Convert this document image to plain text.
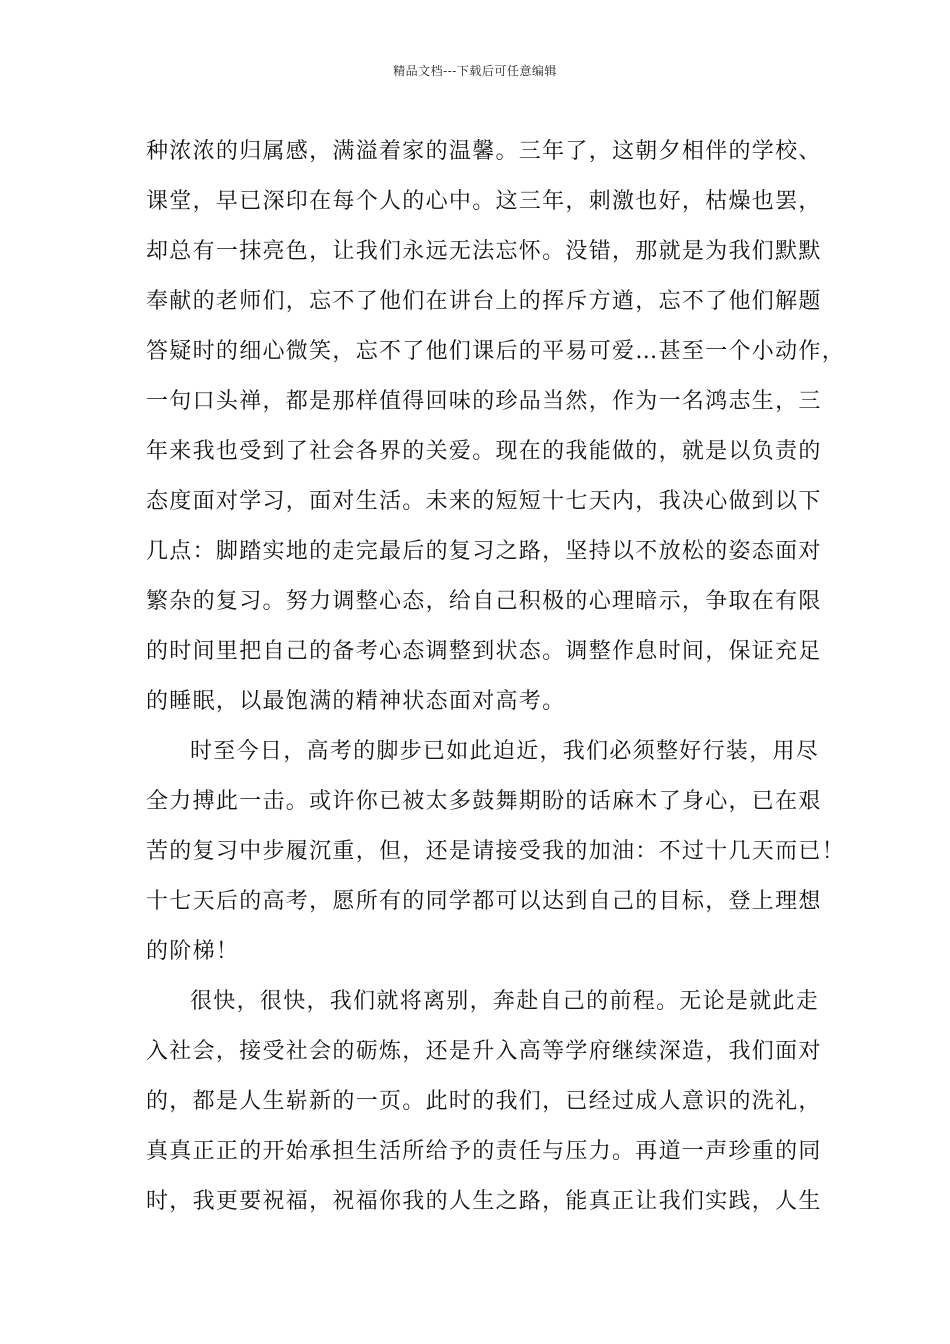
精品文档---下载后可任意编辑
种浓浓的归属感，满溢着家的温馨。三年了，这朝夕相伴的学校、
课堂，早已深印在每个人的心中。这三年，刺激也好，枯燥也罢，
却总有一抹亮色，让我们永远无法忘怀。没错，那就是为我们默默
奉献的老师们，忘不了他们在讲台上的挥斥方遒，忘不了他们解题
答疑时的细心微笑，忘不了他们课后的平易可爱…甚至一个小动作，
一句口头禅，都是那样值得回味的珍品当然，作为一名鸿志生，三
年来我也受到了社会各界的关爱。现在的我能做的，就是以负责的
态度面对学习，面对生活。未来的短短十七天内，我决心做到以下
几点：脚踏实地的走完最后的复习之路，坚持以不放松的姿态面对
繁杂的复习。努力调整心态，给自己积极的心理暗示，争取在有限
的时间里把自己的备考心态调整到状态。调整作息时间，保证充足
的睡眠，以最饱满的精神状态面对高考。
时至今日，高考的脚步已如此迫近，我们必须整好行装，用尽
全力搏此一击。或许你已被太多鼓舞期盼的话麻木了身心，已在艰
苦的复习中步履沉重，但，还是请接受我的加油：不过十几天而已！
十七天后的高考，愿所有的同学都可以达到自己的目标，登上理想
的阶梯！
很快，很快，我们就将离别，奔赴自己的前程。无论是就此走
入社会，接受社会的砺炼，还是升入高等学府继续深造，我们面对
的，都是人生崭新的一页。此时的我们，已经过成人意识的洗礼，
真真正正的开始承担生活所给予的责任与压力。再道一声珍重的同
时，我更要祝福，祝福你我的人生之路，能真正让我们实践，人生
